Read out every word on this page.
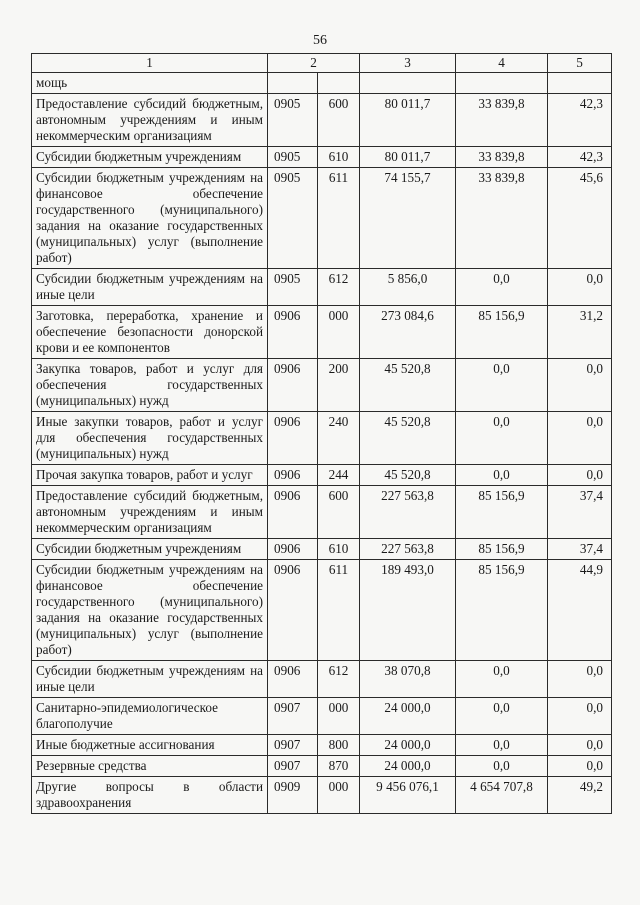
56
1	2		3	4	5
мощь					
Предоставление субсидий бюджетным, автономным учреждениям и иным некоммерческим организациям	0905	600	80 011,7	33 839,8	42,3
Субсидии бюджетным учреждениям	0905	610	80 011,7	33 839,8	42,3
Субсидии бюджетным учреждениям на финансовое обеспечение государственного (муниципального) задания на оказание государственных (муниципальных) услуг (выполнение работ)	0905	611	74 155,7	33 839,8	45,6
Субсидии бюджетным учреждениям на иные цели	0905	612	5 856,0	0,0	0,0
Заготовка, переработка, хранение и обеспечение безопасности донорской крови и ее компонентов	0906	000	273 084,6	85 156,9	31,2
Закупка товаров, работ и услуг для обеспечения государственных (муниципальных) нужд	0906	200	45 520,8	0,0	0,0
Иные закупки товаров, работ и услуг для обеспечения государственных (муниципальных) нужд	0906	240	45 520,8	0,0	0,0
Прочая закупка товаров, работ и услуг	0906	244	45 520,8	0,0	0,0
Предоставление субсидий бюджетным, автономным учреждениям и иным некоммерческим организациям	0906	600	227 563,8	85 156,9	37,4
Субсидии бюджетным учреждениям	0906	610	227 563,8	85 156,9	37,4
Субсидии бюджетным учреждениям на финансовое обеспечение государственного (муниципального) задания на оказание государственных (муниципальных) услуг (выполнение работ)	0906	611	189 493,0	85 156,9	44,9
Субсидии бюджетным учреждениям на иные цели	0906	612	38 070,8	0,0	0,0
Санитарно-эпидемиологическое благополучие	0907	000	24 000,0	0,0	0,0
Иные бюджетные ассигнования	0907	800	24 000,0	0,0	0,0
Резервные средства	0907	870	24 000,0	0,0	0,0
Другие вопросы в области здравоохранения	0909	000	9 456 076,1	4 654 707,8	49,2
